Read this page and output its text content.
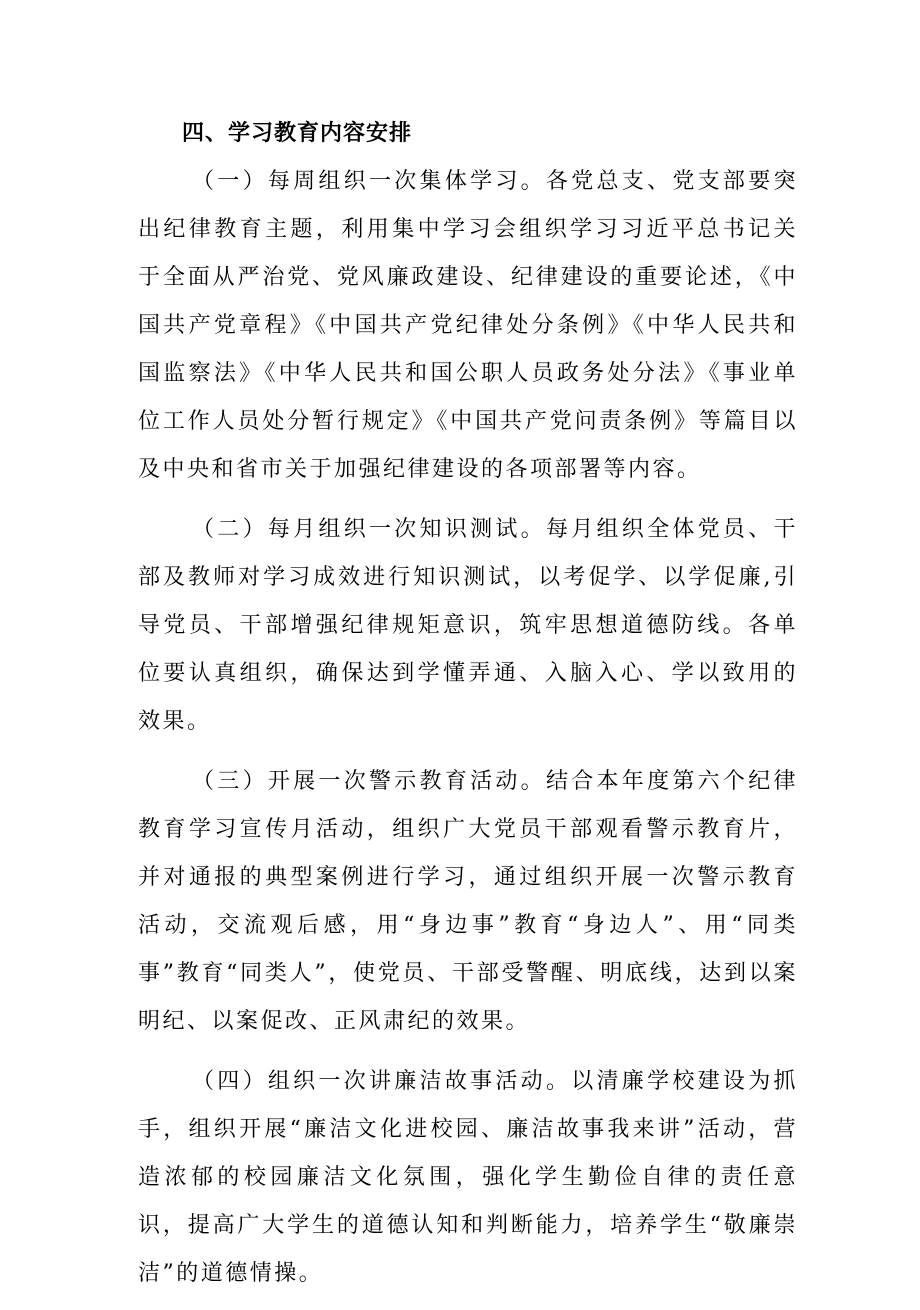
四、学习教育内容安排

（一）每周组织一次集体学习。各党总支、党支部要突出纪律教育主题，利用集中学习会组织学习习近平总书记关于全面从严治党、党风廉政建设、纪律建设的重要论述，《中国共产党章程》《中国共产党纪律处分条例》《中华人民共和国监察法》《中华人民共和国公职人员政务处分法》《事业单位工作人员处分暂行规定》《中国共产党问责条例》等篇目以及中央和省市关于加强纪律建设的各项部署等内容。

（二）每月组织一次知识测试。每月组织全体党员、干部及教师对学习成效进行知识测试，以考促学、以学促廉,引导党员、干部增强纪律规矩意识，筑牢思想道德防线。各单位要认真组织，确保达到学懂弄通、入脑入心、学以致用的效果。

（三）开展一次警示教育活动。结合本年度第六个纪律教育学习宣传月活动，组织广大党员干部观看警示教育片，并对通报的典型案例进行学习，通过组织开展一次警示教育活动，交流观后感，用“身边事”教育“身边人”、用“同类事”教育“同类人”，使党员、干部受警醒、明底线，达到以案明纪、以案促改、正风肃纪的效果。

（四）组织一次讲廉洁故事活动。以清廉学校建设为抓手，组织开展“廉洁文化进校园、廉洁故事我来讲”活动，营造浓郁的校园廉洁文化氛围，强化学生勤俭自律的责任意识，提高广大学生的道德认知和判断能力，培养学生“敬廉崇洁”的道德情操。
